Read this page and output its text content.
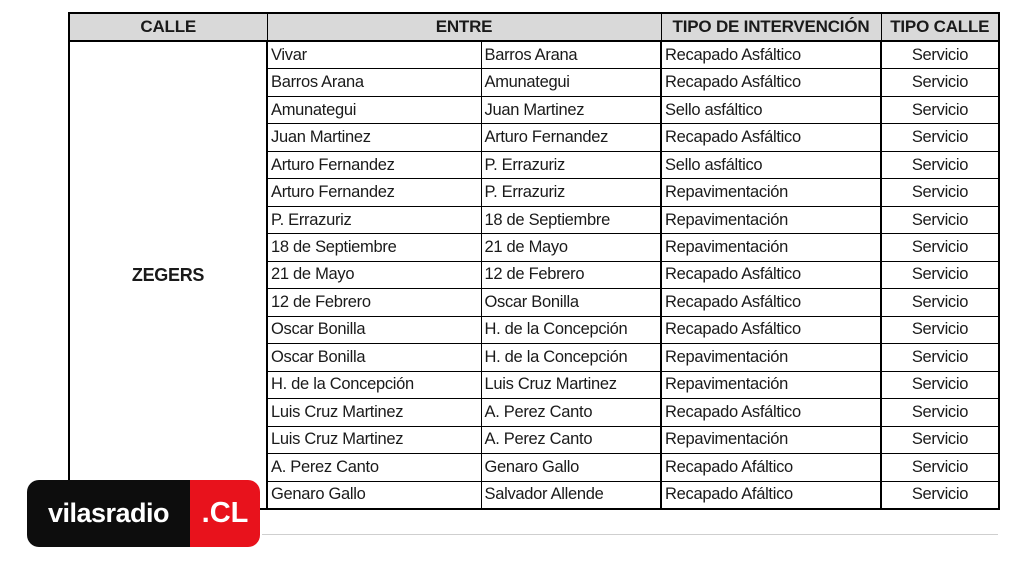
CALLE	ENTRE		TIPO DE INTERVENCIÓN	TIPO CALLE
ZEGERS	Vivar	Barros Arana	Recapado Asfáltico	Servicio
	Barros Arana	Amunategui	Recapado Asfáltico	Servicio
	Amunategui	Juan Martinez	Sello asfáltico	Servicio
	Juan Martinez	Arturo Fernandez	Recapado Asfáltico	Servicio
	Arturo Fernandez	P. Errazuriz	Sello asfáltico	Servicio
	Arturo Fernandez	P. Errazuriz	Repavimentación	Servicio
	P. Errazuriz	18 de Septiembre	Repavimentación	Servicio
	18 de Septiembre	21 de Mayo	Repavimentación	Servicio
	21 de Mayo	12 de Febrero	Recapado Asfáltico	Servicio
	12 de Febrero	Oscar Bonilla	Recapado Asfáltico	Servicio
	Oscar Bonilla	H. de la Concepción	Recapado Asfáltico	Servicio
	Oscar Bonilla	H. de la Concepción	Repavimentación	Servicio
	H. de la Concepción	Luis Cruz Martinez	Repavimentación	Servicio
	Luis Cruz Martinez	A. Perez Canto	Recapado Asfáltico	Servicio
	Luis Cruz Martinez	A. Perez Canto	Repavimentación	Servicio
	A. Perez Canto	Genaro Gallo	Recapado Afáltico	Servicio
	Genaro Gallo	Salvador Allende	Recapado Afáltico	Servicio
vilasradio	.CL
